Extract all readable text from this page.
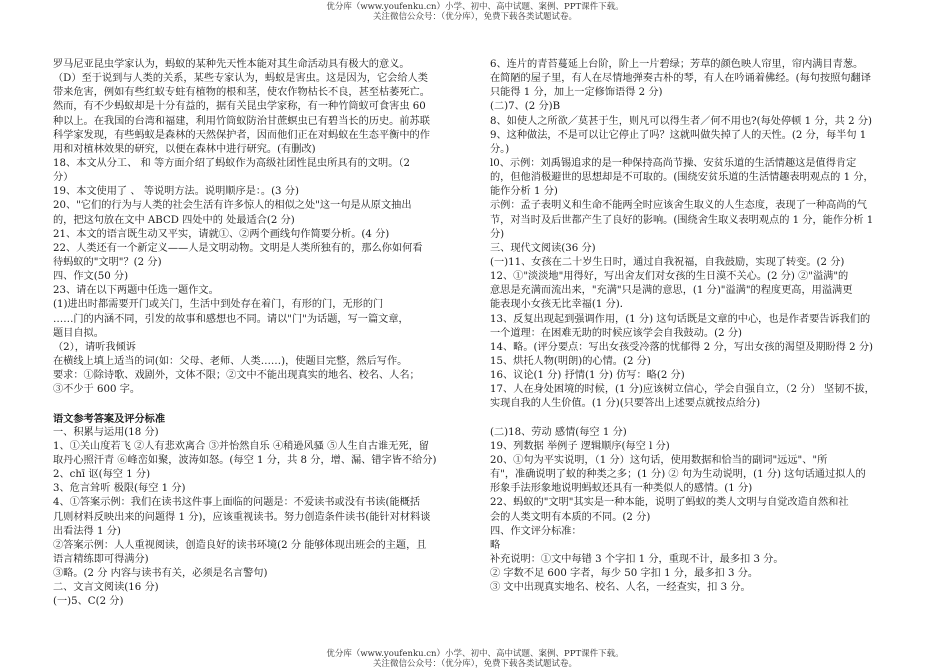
优分库（www.youfenku.cn）小学、初中、高中试题、案例、PPT课件下载。
关注微信公众号：（优分库），免费下载各类试题试卷。
罗马尼亚昆虫学家认为，蚂蚁的某种先天性本能对其生命活动具有极大的意义。
（D）至于说到与人类的关系，某些专家认为，蚂蚁是害虫。这是因为，它会给人类
带来危害，例如有些红蚁专蛀有植物的根和茎，使农作物枯长不良，甚至枯萎死亡。
然而，有不少蚂蚁却是十分有益的，据有关昆虫学家称，有一种竹筒蚁可食害虫 60
种以上。在我国的台湾和福建，利用竹筒蚁防治甘蔗螟虫已有碧当长的历史。前苏联
科学家发现，有些蚂蚁是森林的天然保护者，因而他们正在对蚂蚁在生态平衡中的作
用和对植林效果的研究，以便在森林中进行研究。(有删改)
18、本文从分工、 和 等方面介绍了蚂蚁作为高级社团性昆虫所具有的文明。（2
分）
19、本文使用了 、 等说明方法。说明顺序是：。(3 分)
20、"它们的行为与人类的社会生活有许多惊人的相似之处"这一句是从原文抽出
的，把这句放在文中 ABCD 四处中的 处最适合(2 分)
21、本文的语言既生动又平实，请就①、②两个画线句作简要分析。(4 分)
22、人类还有一个新定义——人是文明动物。文明是人类所独有的，那么你如何看
待蚂蚁的"文明"？(2 分)
四、作文(50 分)
23、请在以下两题中任选一题作文。
(1)进出时都需要开门或关门，生活中到处存在着门，有形的门，无形的门
……门的内涵不同，引发的故事和感想也不同。请以"门"为话题，写一篇文章，
题目自拟。
（2），请听我倾诉
在横线上填上适当的词(如：父母、老师、人类……)，使题目完整，然后写作。
要求：①除诗歌、戏剧外，文体不限；②文中不能出现真实的地名、校名、人名；
③不少于 600 字。
语文参考答案及评分标准
一、积累与运用(18 分)
1、①关山度若飞 ②人有悲欢离合 ③并怡然自乐 ④稍逊风骚 ⑤人生自古谁无死，留
取丹心照汗青 ⑥峰峦如聚，波涛如怒。(每空 1 分，共 8 分，增、漏、错字皆不给分)
2、chī 讴(每空 1 分)
3、危言耸听 极限(每空 1 分)
4、①答案示例：我们在读书这件事上面临的问题是：不爱读书或没有书读(能概括
几则材料反映出来的问题得 1 分)，应该重视读书。努力创造条件读书(能针对材料谈
出看法得 1 分)
②答案示例：人人重视阅读，创造良好的读书环境(2 分 能够体现出班会的主题，且
语言精练即可得满分)
③略。(2 分 内容与读书有关，必须是名言警句)
二、文言文阅读(16 分)
(一)5、C(2 分)
6、连片的青苔蔓延上台阶，阶上一片碧绿；芳草的颜色映人帘里，帘内满目青葱。
在简陋的屋子里，有人在尽情地弹奏古朴的琴，有人在吟诵着佛经。(每句按照句翻译
只能得 1 分，加上一定修饰语得 2 分)
(二)7、(2 分)B
8、如使人之所欲／莫甚于生，则凡可以得生者／何不用也?(每处停顿 1 分，共 2 分)
9、这种做法，不是可以让它停止了吗？这就叫做失掉了人的天性。(2 分，每半句 1
分。)
l0、示例：刘禹锡追求的是一种保持高尚节操、安贫乐道的生活情趣这是值得肯定
的，但他消极避世的思想却是不可取的。(围绕安贫乐道的生活情趣表明观点的 1 分，
能作分析 1 分)
示例：孟子表明义和生命不能两全时应该舍生取义的人生态度，表现了一种高尚的气
节，对当时及后世都产生了良好的影响。(围绕舍生取义表明观点的 1 分，能作分析 1
分)
三、现代文阅读(36 分)
(一)11、女孩在二十岁生日时，通过自我祝福，自我鼓励，实现了转变。(2 分)
12、①"淡淡地"用得好，写出舍友们对女孩的生日漠不关心。(2 分) ②"溢满"的
意思是充满而流出来，"充满"只是满的意思，(1 分)"溢满"的程度更高，用溢满更
能表现小女孩无比幸福(1 分)．
13、反复出现起到强调作用，(1 分) 这句话既是文章的中心，也是作者要告诉我们的
一个道理：在困难无助的时候应该学会自我鼓动。(2 分)
14、略。(评分要点：写出女孩受冷落的忧郁得 2 分，写出女孩的渴望及期盼得 2 分)
15、烘托人物(明朗)的心情。(2 分)
16、议论(1 分) 抒情(1 分) 仿写：略(2 分)
17、人在身处困境的时候，(1 分)应该树立信心，学会自强自立，（2 分） 坚韧不拔，
实现自我的人生价值。(1 分)(只要答出上述要点就按点给分)
(二)18、劳动 感情(每空 1 分)
19、列数据 举例子 逻辑顺序(每空 l 分)
20、①句为平实说明，（1 分）这句话，使用数据和恰当的副词"远远"、"所
有"，准确说明了蚁的种类之多；(1 分) ② 句为生动说明，(1 分) 这句话通过拟人的
形象手法形象地说明蚂蚁还具有一种类似人的感情。(1 分)
22、蚂蚁的"文明"其实是一种本能，说明了蚂蚁的类人文明与自觉改造自然和社
会的人类文明有本质的不同。(2 分)
四、作文评分标准：
略
补充说明：①文中每错 3 个字扣 1 分，重现不计，最多扣 3 分。
② 字数不足 600 字者，每少 50 字扣 1 分，最多扣 3 分。
③ 文中出现真实地名、校名、人名，一经查实，扣 3 分。
优分库（www.youfenku.cn）小学、初中、高中试题、案例、PPT课件下载。
关注微信公众号：（优分库），免费下载各类试题试卷。
